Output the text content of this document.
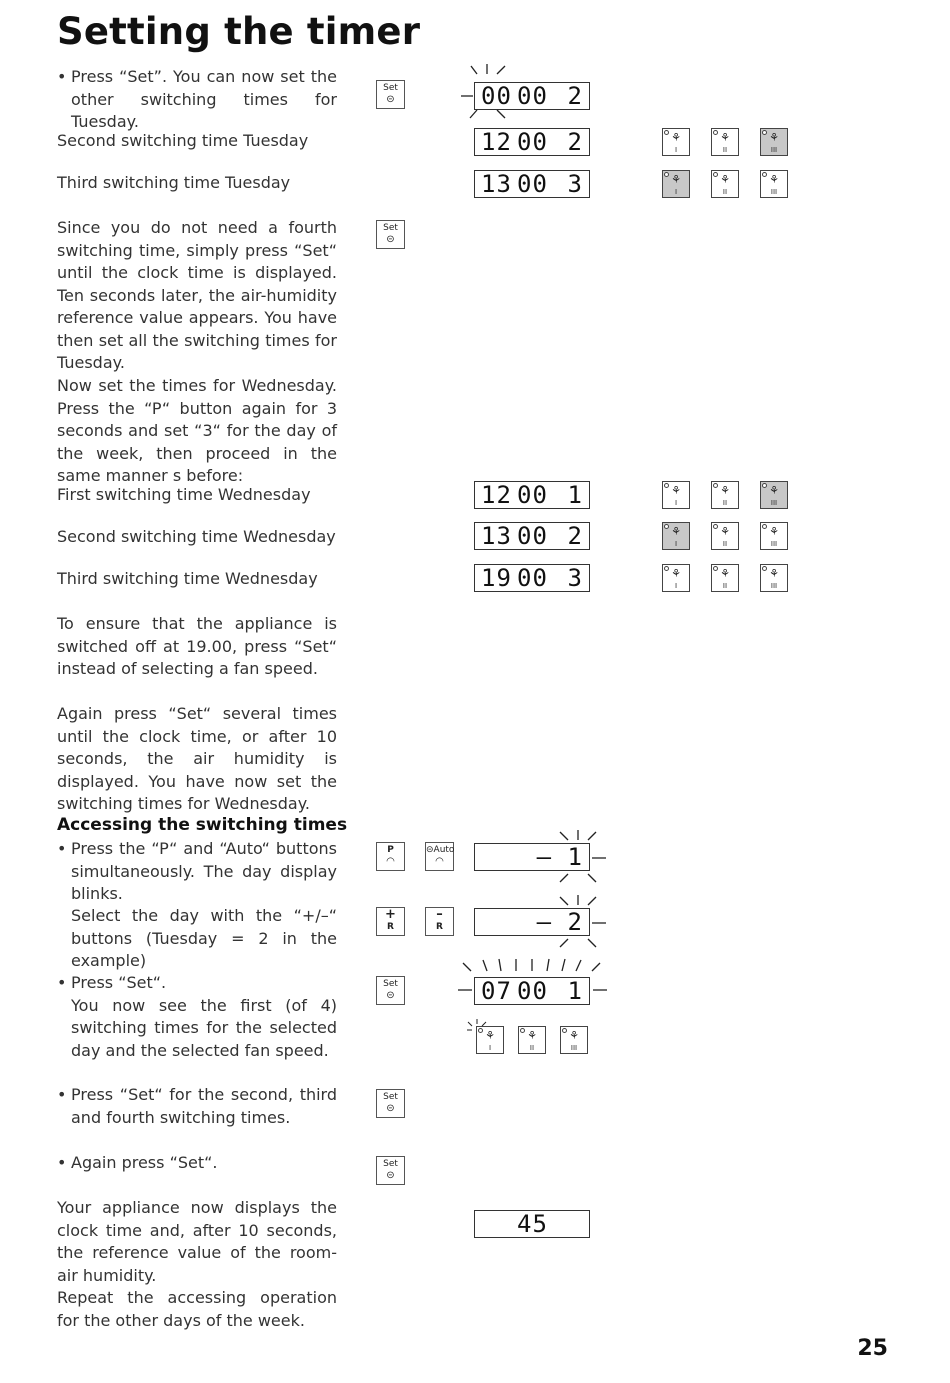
Setting the timer
• Press “Set”. You can now set the other switching times for Tuesday.

Second switching time Tuesday

Third switching time Tuesday

Since you do not need a fourth switching time, simply press “Set“ until the clock time is displayed. Ten seconds later, the air-humidity reference value appears. You have then set all the switching times for Tuesday.

Now set the times for Wednesday. Press the “P“ button again for 3 seconds and set “3“ for the day of the week, then proceed in the same manner s before:

First switching time Wednesday

Second switching time Wednesday

Third switching time Wednesday

To ensure that the appliance is switched off at 19.00, press “Set“ instead of selecting a fan speed.

Again press “Set“ several times until the clock time, or after 10 seconds, the air humidity is displayed. You have now set the switching times for Wednesday.

Accessing the switching times
• Press the “P“ and “Auto“ buttons simultaneously. The day display blinks.

Select the day with the “+/–“ buttons (Tuesday = 2 in the example)

• Press “Set“.

You now see the first (of 4) switching times for the selected day and the selected fan speed.

• Press “Set“ for the second, third and fourth switching times.

• Again press “Set“.

Your appliance now displays the clock time and, after 10 seconds, the reference value of the room-air humidity.

Repeat the accessing operation for the other days of the week.

25
Set
⊝
Set
⊝
P
◠
⊝Auto
◠
+
R
–
R
Set
⊝
Set
⊝
Set
⊝
00 00 2
12 00 2
13 00 3
12 00 1
13 00 2
19 00 3
– 1
– 2
07 00 1
45
⚘
I
⚘
II
⚘
III
⚘
I
⚘
II
⚘
III
⚘
I
⚘
II
⚘
III
⚘
I
⚘
II
⚘
III
⚘
I
⚘
II
⚘
III
⚘
I
⚘
II
⚘
III
